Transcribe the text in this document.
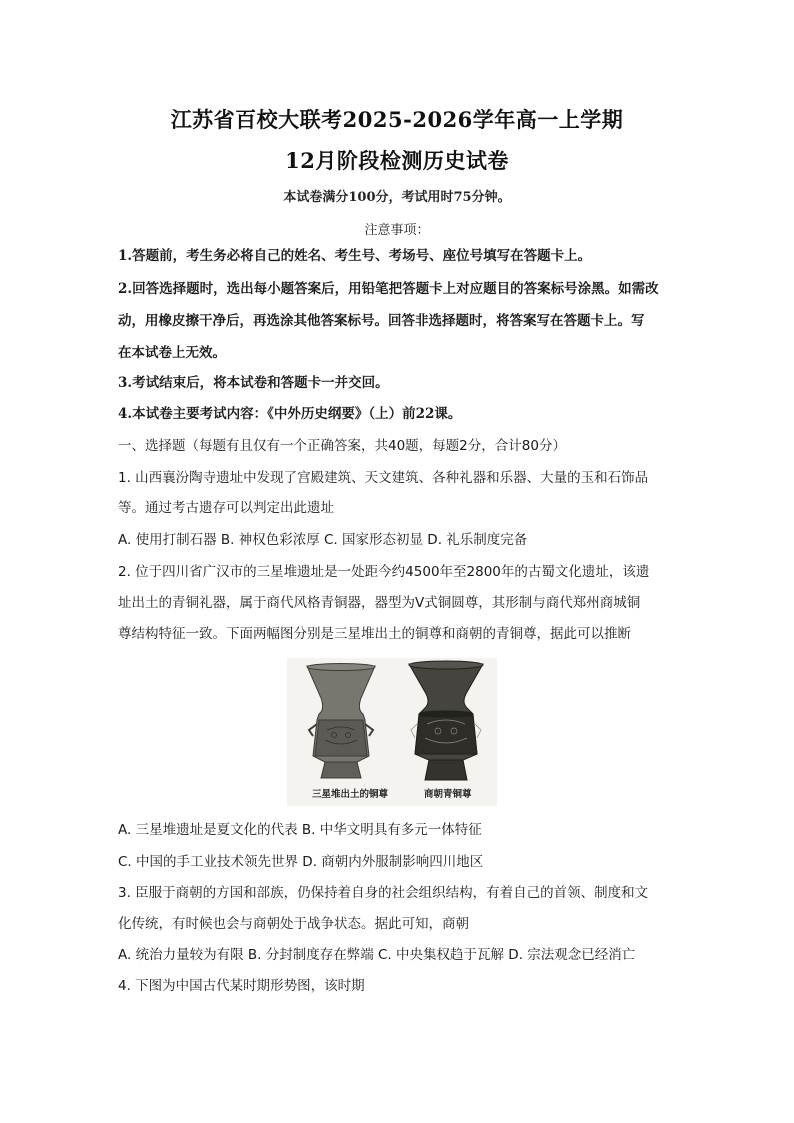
江苏省百校大联考2025-2026学年高一上学期
12月阶段检测历史试卷
本试卷满分100分，考试用时75分钟。
注意事项：
1.答题前，考生务必将自己的姓名、考生号、考场号、座位号填写在答题卡上。
2.回答选择题时，选出每小题答案后，用铅笔把答题卡上对应题目的答案标号涂黑。如需改
动，用橡皮擦干净后，再选涂其他答案标号。回答非选择题时，将答案写在答题卡上。写
在本试卷上无效。
3.考试结束后，将本试卷和答题卡一并交回。
4.本试卷主要考试内容：《中外历史纲要》（上）前22课。
一、选择题（每题有且仅有一个正确答案，共40题，每题2分，合计80分）
1. 山西襄汾陶寺遗址中发现了宫殿建筑、天文建筑、各种礼器和乐器、大量的玉和石饰品
等。通过考古遗存可以判定出此遗址
A. 使用打制石器 B. 神权色彩浓厚 C. 国家形态初显 D. 礼乐制度完备
2. 位于四川省广汉市的三星堆遗址是一处距今约4500年至2800年的古蜀文化遗址，该遗
址出土的青铜礼器，属于商代风格青铜器，器型为V式铜圆尊，其形制与商代郑州商城铜
尊结构特征一致。下面两幅图分别是三星堆出土的铜尊和商朝的青铜尊，据此可以推断
三星堆出土的铜尊	商朝青铜尊
A. 三星堆遗址是夏文化的代表 B. 中华文明具有多元一体特征
C. 中国的手工业技术领先世界 D. 商朝内外服制影响四川地区
3. 臣服于商朝的方国和部族，仍保持着自身的社会组织结构，有着自己的首领、制度和文
化传统，有时候也会与商朝处于战争状态。据此可知，商朝
A. 统治力量较为有限 B. 分封制度存在弊端 C. 中央集权趋于瓦解 D. 宗法观念已经消亡
4. 下图为中国古代某时期形势图，该时期
